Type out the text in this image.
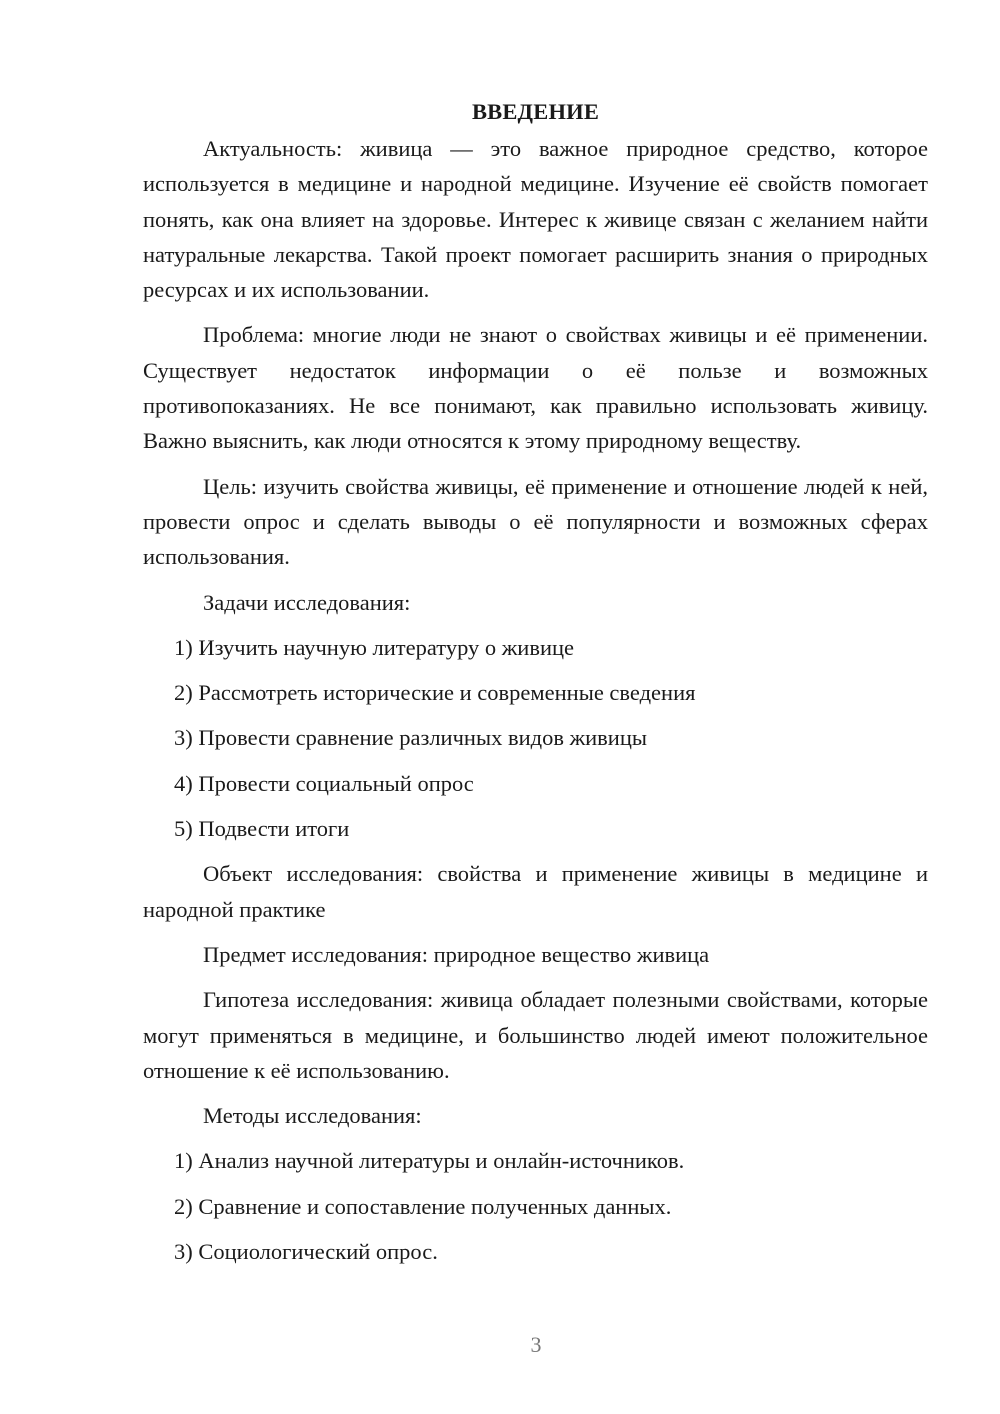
ВВЕДЕНИЕ

Актуальность: живица — это важное природное средство, которое используется в медицине и народной медицине. Изучение её свойств помогает понять, как она влияет на здоровье. Интерес к живице связан с желанием найти натуральные лекарства. Такой проект помогает расширить знания о природных ресурсах и их использовании.

Проблема: многие люди не знают о свойствах живицы и её применении. Существует недостаток информации о её пользе и возможных противопоказаниях. Не все понимают, как правильно использовать живицу. Важно выяснить, как люди относятся к этому природному веществу.

Цель: изучить свойства живицы, её применение и отношение людей к ней, провести опрос и сделать выводы о её популярности и возможных сферах использования.

Задачи исследования:

1) Изучить научную литературу о живице
2) Рассмотреть исторические и современные сведения
3) Провести сравнение различных видов живицы
4) Провести социальный опрос
5) Подвести итоги

Объект исследования: свойства и применение живицы в медицине и народной практике

Предмет исследования: природное вещество живица

Гипотеза исследования: живица обладает полезными свойствами, которые могут применяться в медицине, и большинство людей имеют положительное отношение к её использованию.

Методы исследования:

1) Анализ научной литературы и онлайн-источников.
2) Сравнение и сопоставление полученных данных.
3) Социологический опрос.
3
